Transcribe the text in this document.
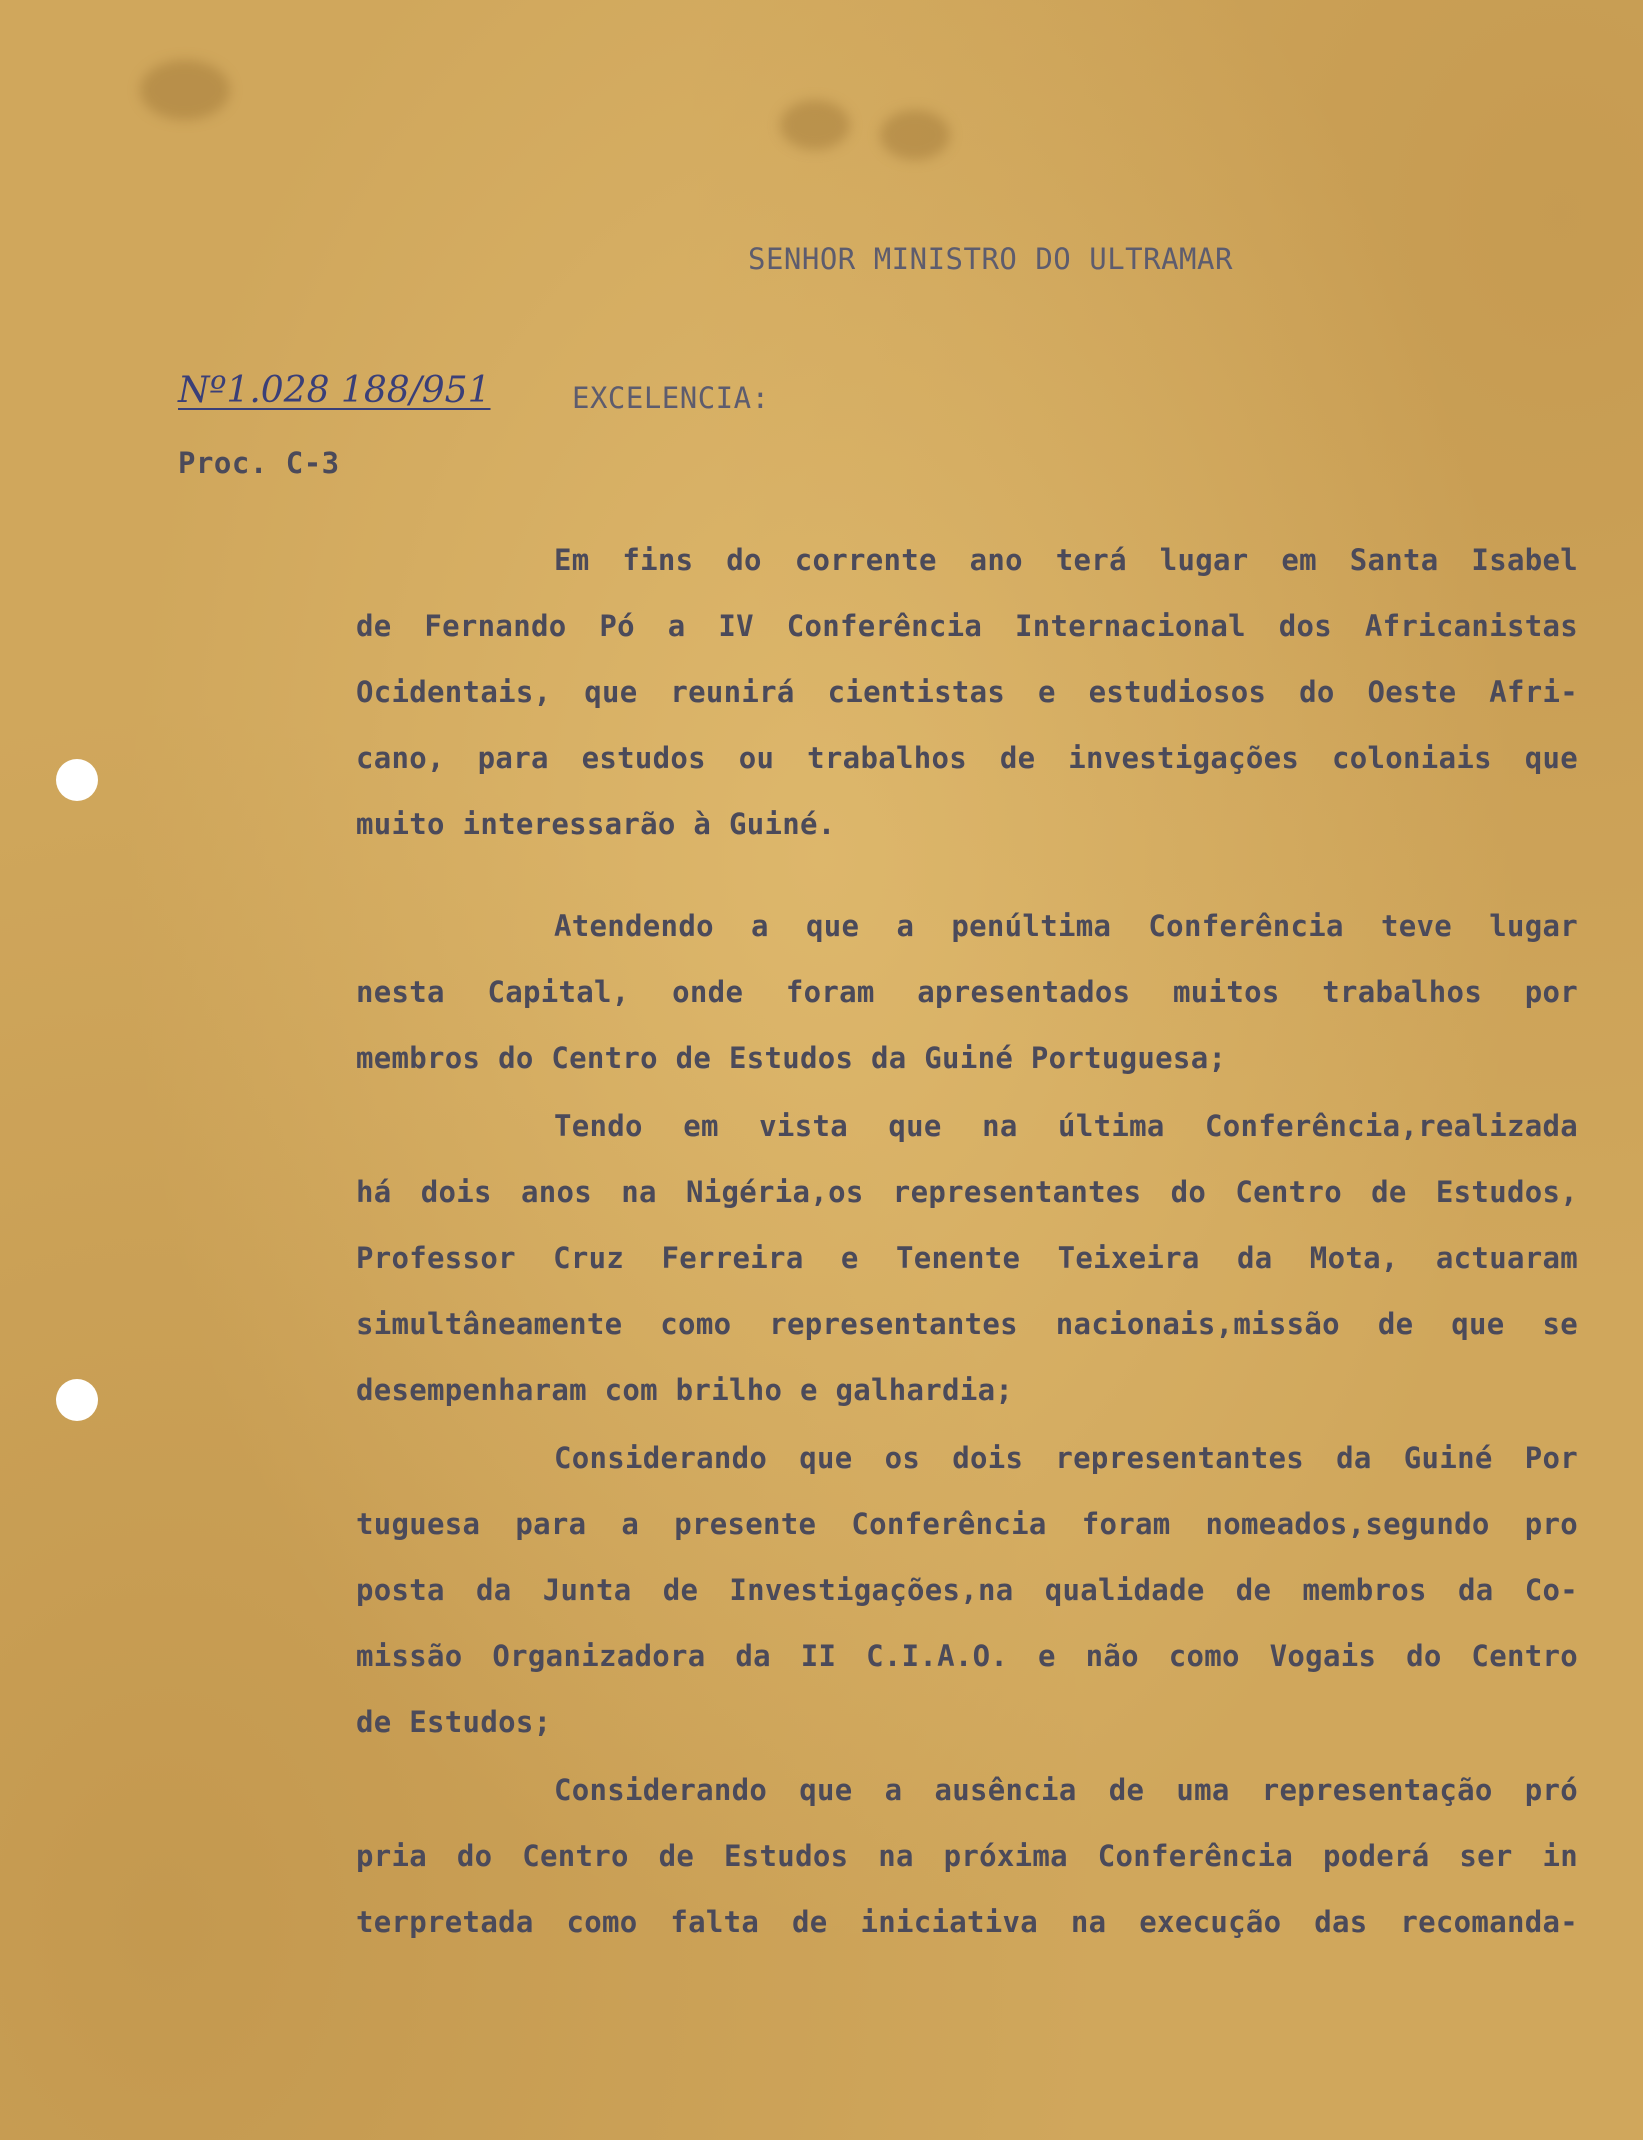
SENHOR MINISTRO DO ULTRAMAR
Nº1.028 188/951	EXCELENCIA:
Proc. C-3
Em fins do corrente ano terá lugar em Santa Isabel
de Fernando Pó a IV Conferência Internacional dos Africanistas
Ocidentais, que reunirá cientistas e estudiosos do Oeste Afri-
cano, para estudos ou trabalhos de investigações coloniais que
muito interessarão à Guiné.
Atendendo a que a penúltima Conferência teve lugar
nesta Capital, onde foram apresentados muitos trabalhos por
membros do Centro de Estudos da Guiné Portuguesa;
Tendo em vista que na última Conferência,realizada
há dois anos na Nigéria,os representantes do Centro de Estudos,
Professor Cruz Ferreira e Tenente Teixeira da Mota, actuaram
simultâneamente como representantes nacionais,missão de que se
desempenharam com brilho e galhardia;
Considerando que os dois representantes da Guiné Por
tuguesa para a presente Conferência foram nomeados,segundo pro
posta da Junta de Investigações,na qualidade de membros da Co-
missão Organizadora da II C.I.A.O. e não como Vogais do Centro
de Estudos;
Considerando que a ausência de uma representação pró
pria do Centro de Estudos na próxima Conferência poderá ser in
terpretada como falta de iniciativa na execução das recomanda-
